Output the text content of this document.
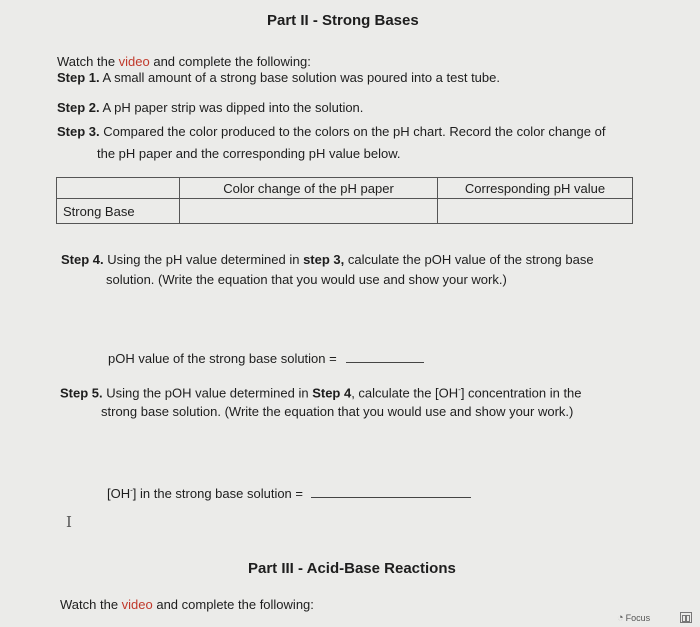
Part II - Strong Bases
Watch the video and complete the following:
Step 1. A small amount of a strong base solution was poured into a test tube.
Step 2. A pH paper strip was dipped into the solution.
Step 3. Compared the color produced to the colors on the pH chart. Record the color change of
the pH paper and the corresponding pH value below.
	Color change of the pH paper	Corresponding pH value
Strong Base		
Step 4. Using the pH value determined in step 3, calculate the pOH value of the strong base
solution. (Write the equation that you would use and show your work.)
pOH value of the strong base solution =
Step 5. Using the pOH value determined in Step 4, calculate the [OH-] concentration in the
strong base solution. (Write the equation that you would use and show your work.)
[OH-] in the strong base solution =
I
Part III - Acid-Base Reactions
Watch the video and complete the following:
◔ Focus
